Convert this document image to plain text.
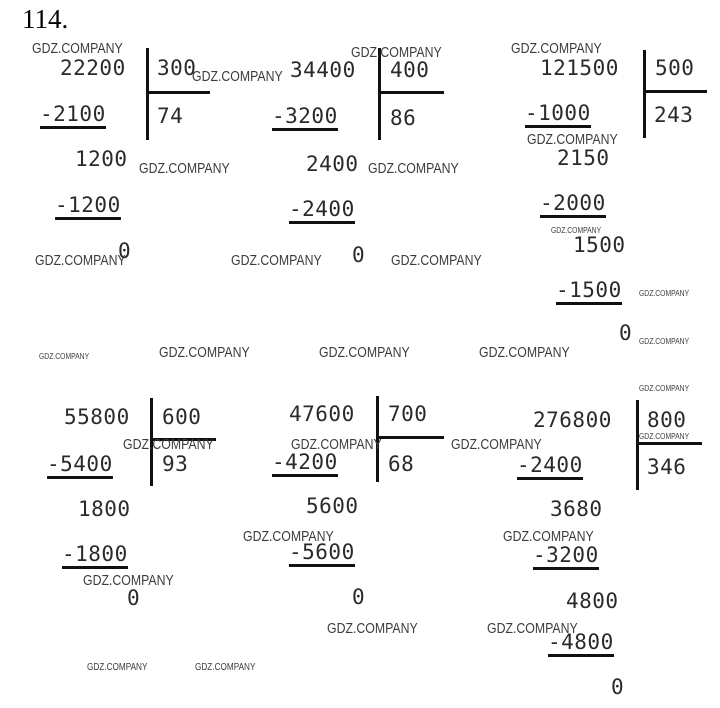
114.
22200 300
74
-2100
1200
-1200
0
34400 400
86
-3200
2400
-2400
0
121500 500
243
-1000
2150
-2000
1500
-1500
0
55800 600
93
-5400
1800
-1800
0
47600 700
68
-4200
5600
-5600
0
276800 800
346
-2400
3680
-3200
4800
-4800
0
GDZ.COMPANY
GDZ.COMPANY
GDZ.COMPANY	GDZ.COMPANY
GDZ.COMPANY
GDZ.COMPANY	GDZ.COMPANY
GDZ.COMPANY
GDZ.COMPANY	GDZ.COMPANY	GDZ.COMPANY
GDZ.COMPANY
GDZ.COMPANY
GDZ.COMPANY	GDZ.COMPANY	GDZ.COMPANY	GDZ.COMPANY
GDZ.COMPANY
GDZ.COMPANY
GDZ.COMPANY	GDZ.COMPANY	GDZ.COMPANY
GDZ.COMPANY	GDZ.COMPANY
GDZ.COMPANY
GDZ.COMPANY	GDZ.COMPANY
GDZ.COMPANY	GDZ.COMPANY
